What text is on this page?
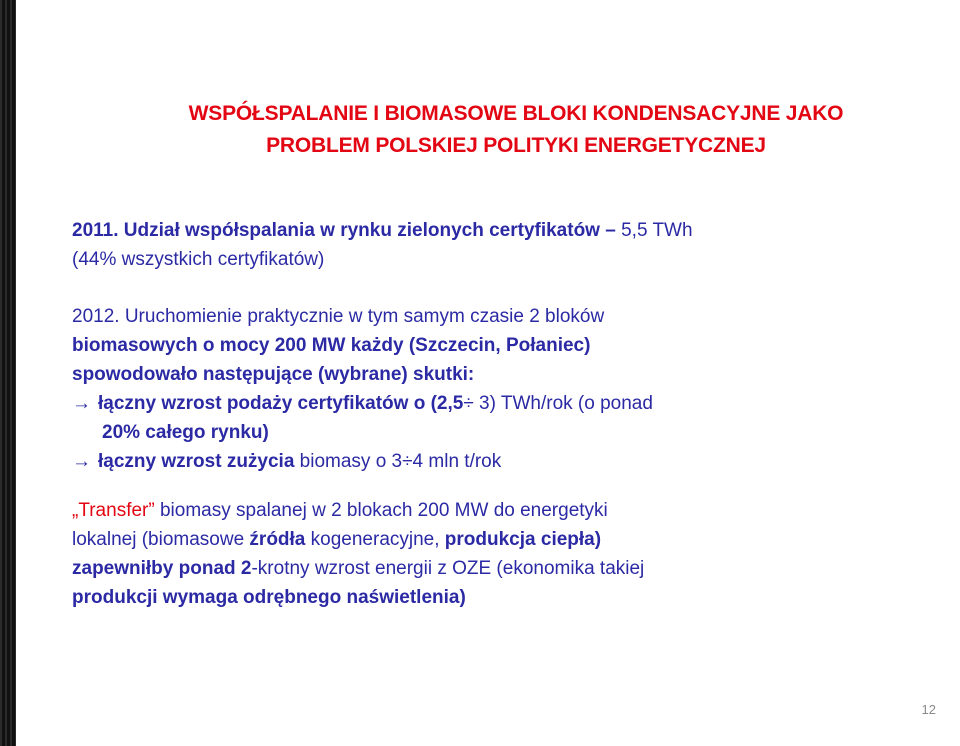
WSPÓŁSPALANIE I BIOMASOWE BLOKI KONDENSACYJNE JAKO
PROBLEM POLSKIEJ POLITYKI ENERGETYCZNEJ

2011. Udział współspalania w rynku zielonych certyfikatów – 5,5 TWh
(44% wszystkich certyfikatów)

2012. Uruchomienie praktycznie w tym samym czasie 2 bloków
biomasowych o mocy 200 MW każdy (Szczecin, Połaniec)
spowodowało następujące (wybrane) skutki:
→ łączny wzrost podaży certyfikatów o (2,5÷ 3) TWh/rok (o ponad
20% całego rynku)
→ łączny wzrost zużycia biomasy o 3÷4 mln t/rok

„Transfer” biomasy spalanej w 2 blokach 200 MW do energetyki
lokalnej (biomasowe źródła kogeneracyjne, produkcja ciepła)
zapewniłby ponad 2-krotny wzrost energii z OZE (ekonomika takiej
produkcji wymaga odrębnego naświetlenia)

12
